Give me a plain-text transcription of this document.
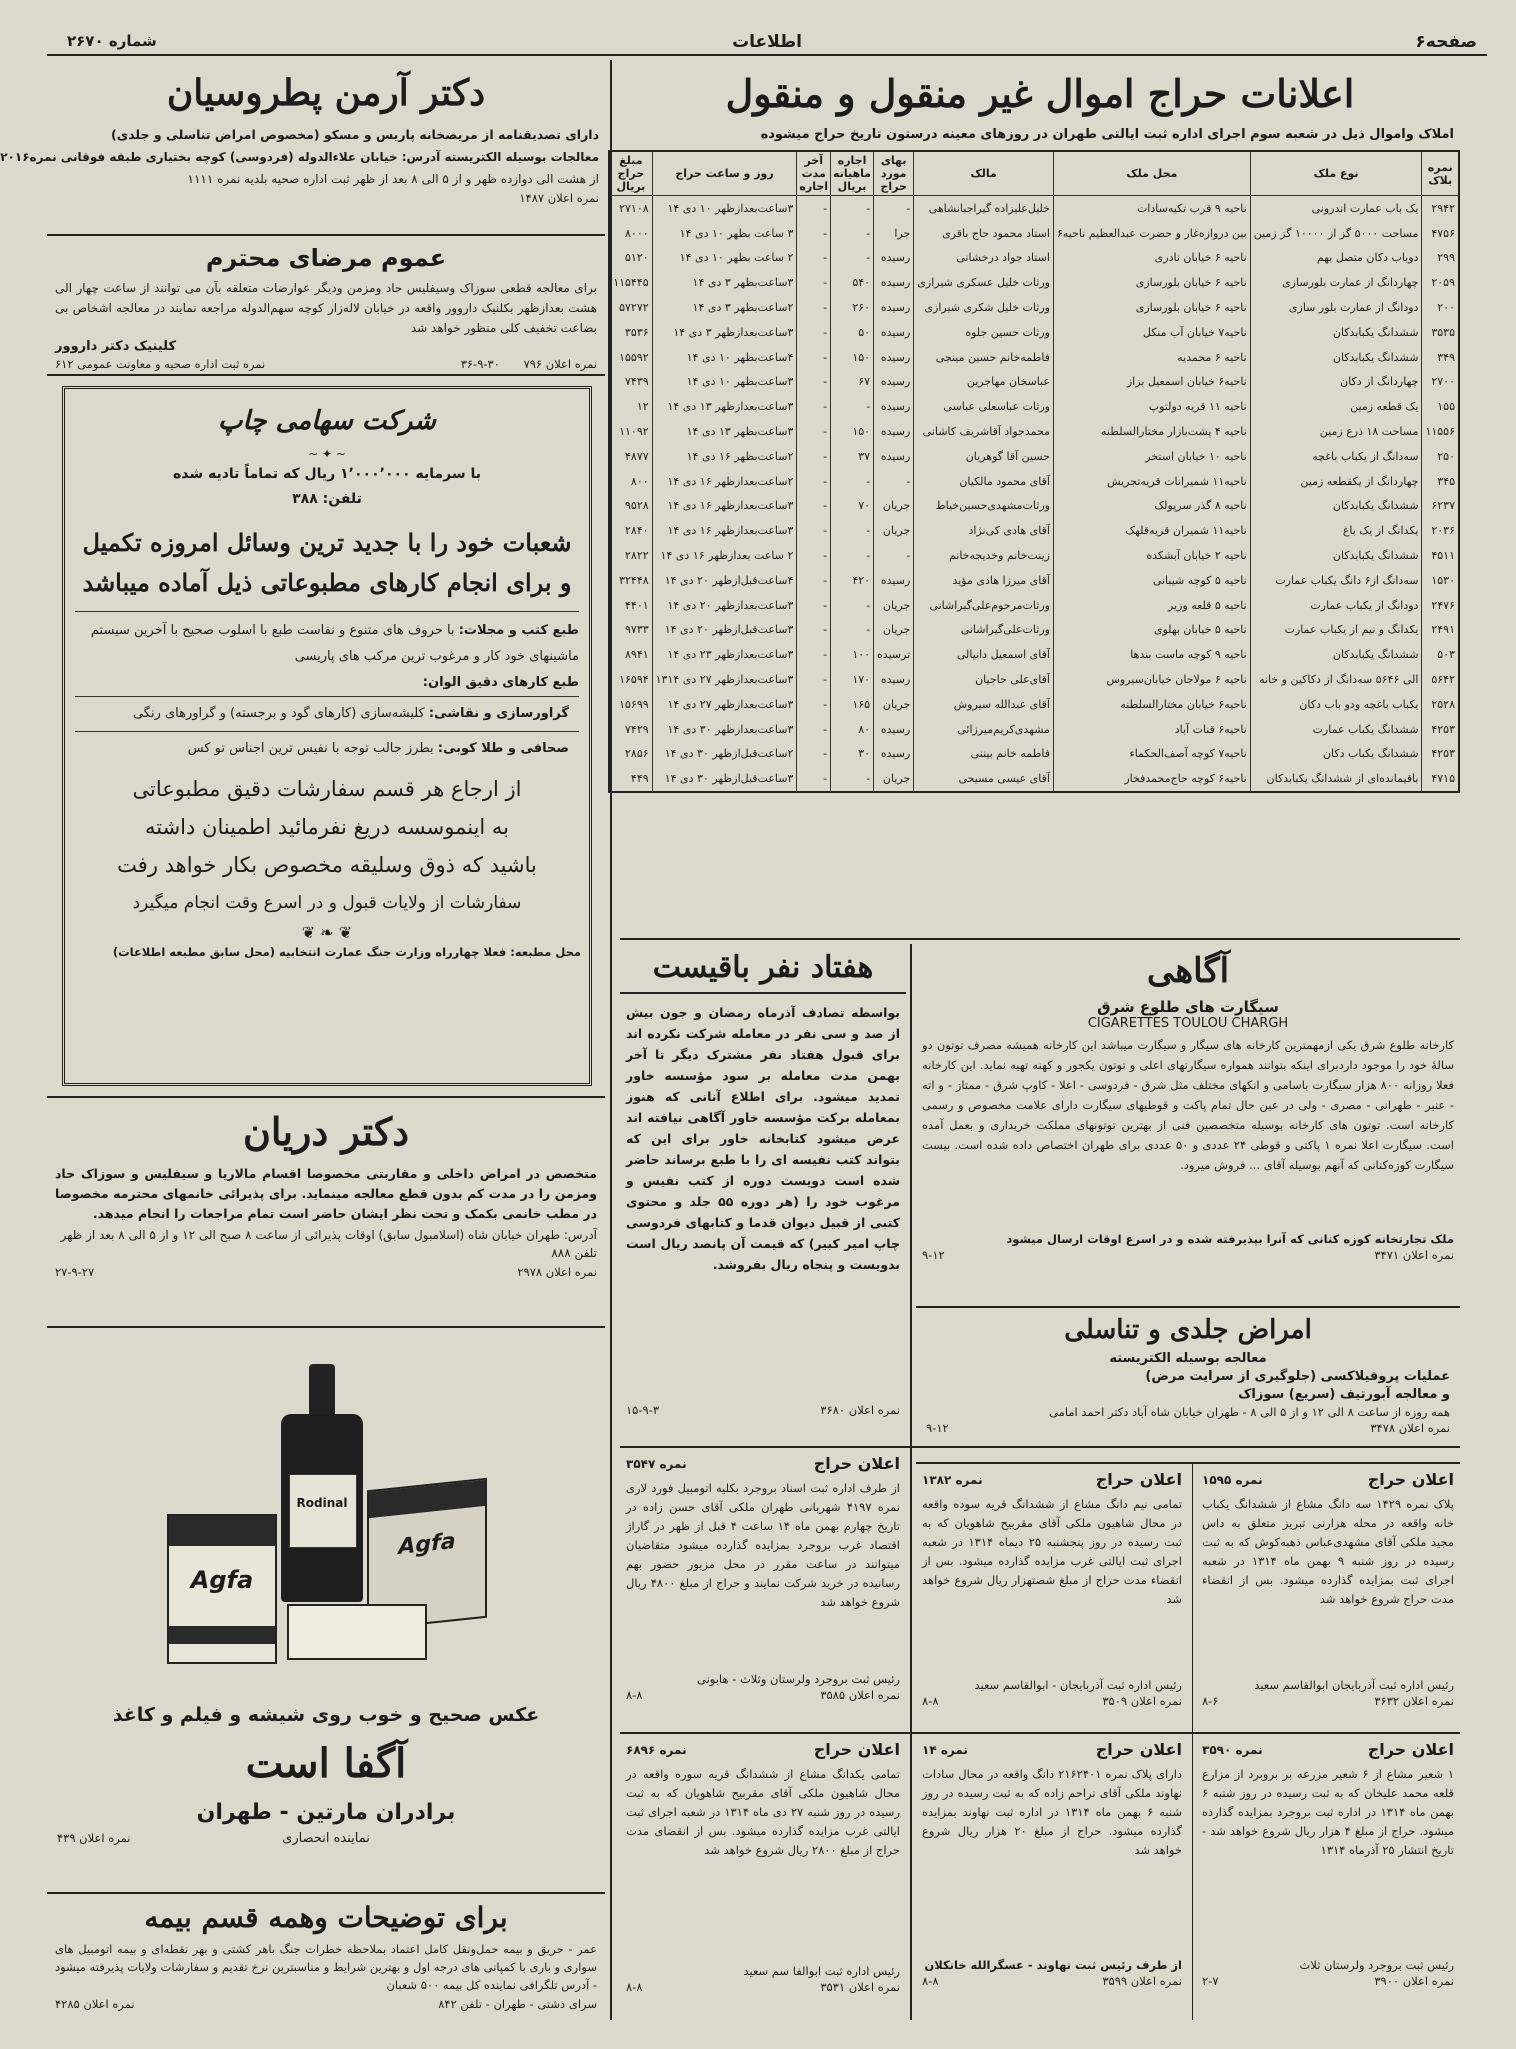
صفحه۶
اطلاعات
شماره ۲۶۷۰
اعلانات حراج اموال غیر منقول و منقول
املاک واموال ذیل در شعبه سوم اجرای اداره ثبت ایالتی طهران در روزهای معینه درستون تاریخ حراج میشوده
نمره بلاک	نوع ملک	محل ملک	مالک	بهای مورد حراج	اجاره ماهیانه بریال	آخر مدت اجاره	روز و ساعت حراج	مبلغ حراج بریال
۲۹۴۲	یک باب عمارت اندرونی	ناحیه ۹ قرب تکیه‌سادات	خلیل‌علیزاده گیراجبانشاهی	-	-	-	۳ساعت‌بعدازظهر ۱۰ دی ۱۴	۲۷۱۰۸
۴۷۵۶	مساحت ۵۰۰۰ گز از ۱۰۰۰۰ گز زمین	بین دروازه‌غار و حضرت عبدالعظیم ناحیه۶	استاد محمود حاج باقری	جرا	-	-	۳ ساعت بظهر ۱۰ دی ۱۴	۸۰۰۰
۲۹۹	دوباب دکان متصل بهم	ناحیه ۶ خیابان نادری	استاد جواد درخشانی	رسیده	-	-	۲ ساعت بظهر ۱۰ دی ۱۴	۵۱۲۰
۲۰۵۹	چهاردانگ از عمارت بلورسازی	ناحیه ۶ خیابان بلورسازی	ورثات خلیل عسکری شیرازی	رسیده	۵۴۰	-	۳ساعت‌بظهر ۳ دی ۱۴	۱۱۵۴۴۵
۲۰۰	دودانگ از عمارت بلور سازی	ناحیه ۶ خیابان بلورسازی	ورثات خلیل شکری شیرازی	رسیده	۲۶۰	-	۲ساعت‌بظهر ۳ دی ۱۴	۵۷۲۷۲
۳۵۳۵	ششدانگ یکبابدکان	ناحیه۷ خیابان آب منکل	ورثات حسین جلوه	رسیده	۵۰	-	۳ساعت‌بعدازظهر ۳ دی ۱۴	۳۵۳۶
۳۴۹	ششدانگ یکبابدکان	ناحیه ۶ محمدیه	فاطمه‌خانم حسین مینجی	رسیده	۱۵۰	-	۴ساعت‌بظهر ۱۰ دی ۱۴	۱۵۵۹۲
۲۷۰۰	چهاردانگ از دکان	ناحیه۶ خیابان اسمعیل بزاز	عباسخان مهاجرین	رسیده	۶۷	-	۳ساعت‌بظهر ۱۰ دی ۱۴	۷۴۳۹
۱۵۵	یک قطعه زمین	ناحیه ۱۱ قریه دولتوپ	ورثات عباسعلی عباسی	رسیده	-	-	۳ساعت‌بعدازظهر ۱۳ دی ۱۴	۱۲
۱۱۵۵۶	مساحت ۱۸ ذرع زمین	ناحیه ۴ پشت‌بازار مختارالسلطنه	محمدجواد آقاشریف کاشانی	رسیده	۱۵۰	-	۳ساعت‌بظهر ۱۳ دی ۱۴	۱۱۰۹۲
۲۵۰	سه‌دانگ از یکباب باغچه	ناحیه ۱۰ خیابان استخر	حسین آقا گوهریان	رسیده	۳۷	-	۲ساعت‌بظهر ۱۶ دی ۱۴	۴۸۷۷
۳۴۵	چهاردانگ از یکقطعه زمین	ناحیه۱۱ شمیرانات قریه‌تجریش	آقای محمود مالکیان	-	-	-	۲ساعت‌بعدازظهر ۱۶ دی ۱۴	۸۰۰
۶۲۳۷	ششدانگ یکبابدکان	ناحیه ۸ گذر سرپولک	ورثات‌مشهدی‌حسین‌خیاط	جریان	۷۰	-	۳ساعت‌بعدازظهر ۱۶ دی ۱۴	۹۵۲۸
۲۰۳۶	یکدانگ از یک باغ	ناحیه۱۱ شمیران قریه‌قلهک	آقای هادی کی‌نژاد	جریان	-	-	۳ساعت‌بعدازظهر ۱۶ دی ۱۴	۲۸۴۰
۴۵۱۱	ششدانگ یکبابدکان	ناحیه ۲ خیابان آبشکده	زینت‌خانم وخدیجه‌خانم	-	-	-	۲ ساعت بعدازظهر ۱۶ دی ۱۴	۲۸۲۲
۱۵۳۰	سه‌دانگ از۶ دانگ یکباب عمارت	ناحیه ۵ کوچه شیبانی	آقای میرزا هادی مؤید	رسیده	۴۲۰	-	۴ساعت‌قبل‌ازظهر ۲۰ دی ۱۴	۳۲۴۴۸
۲۴۷۶	دودانگ از یکباب عمارت	ناحیه ۵ قلعه وزیر	ورثات‌مرحوم‌علی‌گیراشانی	جریان	-	-	۳ساعت‌بعدازظهر ۲۰ دی ۱۴	۴۴۰۱
۲۴۹۱	یکدانگ و نیم از یکباب عمارت	ناحیه ۵ خیابان بهلوی	ورثات‌علی‌گیراشانی	جریان	-	-	۳ساعت‌قبل‌ازظهر ۲۰ دی ۱۴	۹۷۳۳
۵۰۳	ششدانگ یکبابدکان	ناحیه ۹ کوچه ماست بندها	آقای اسمعیل دانیالی	ترسیده	۱۰۰	-	۳ساعت‌بعدازظهر ۲۳ دی ۱۴	۸۹۴۱
۵۶۴۲	الی ۵۶۴۶ سه‌دانگ از دکاکین و خانه	ناحیه ۶ مولاجان خیابان‌سیروس	آقای‌علی حاجیان	رسیده	۱۷۰	-	۳ساعت‌بعدازظهر ۲۷ دی ۱۳۱۴	۱۶۵۹۴
۲۵۲۸	یکباب باغچه ودو باب دکان	ناحیه۶ خیابان مختارالسلطنه	آقای عبدالله سیروش	جریان	۱۶۵	-	۳ساعت‌بعدازظهر ۲۷ دی ۱۴	۱۵۶۹۹
۴۲۵۳	ششدانگ یکباب عمارت	ناحیه۶ قنات آباد	مشهدی‌کریم‌میرزائی	رسیده	۸۰	-	۳ساعت‌بعدازظهر ۳۰ دی ۱۴	۷۴۲۹
۴۲۵۳	ششدانگ یکباب دکان	ناحیه۷ کوچه آصف‌الحکماء	فاطمه خانم بیننی	رسیده	۳۰	-	۲ساعت‌قبل‌ازظهر ۳۰ دی ۱۴	۲۸۵۶
۴۷۱۵	باقیمانده‌ای از ششدانگ یکبابدکان	ناحیه۶ کوچه حاج‌محمدفخار	آقای عیسی مسیحی	جریان	-	-	۳ساعت‌قبل‌ازظهر ۳۰ دی ۱۴	۴۴۹
هفتاد نفر باقیست
بواسطه تصادف آذرماه رمضان و جون بیش از صد و سی نفر در معامله شرکت نکرده اند برای قبول هفتاد نفر مشترک دیگر تا آخر بهمن مدت معامله بر سود مؤسسه خاور تمدید میشود. برای اطلاع آنانی که هنوز بمعامله برکت مؤسسه خاور آگاهی نیافته اند عرض میشود کتابخانه خاور برای این که بتواند کتب نفیسه ای را با طبع برساند حاضر شده است دویست دوره از کتب نفیس و مرغوب خود را (هر دوره ۵۵ جلد و محتوی کتبی از قبیل دیوان قدما و کتابهای فردوسی چاپ امیر کبیر) که قیمت آن پانصد ریال است بدویست و پنجاه ریال بفروشد.
نمره اعلان ۳۶۸۰
۱۵-۹-۳
آگاهی
سیگارت های طلوع شرق
CIGARETTES TOULOU CHARGH
کارخانه طلوع شرق یکی ازمهمترین کارخانه های سیگار و سیگارت میباشد این کارخانه همیشه مصرف توتون دو سالهٔ خود را موجود داردبرای اینکه بتوانند همواره سیگارتهای اعلی و توتون یکجور و کهنه تهیه نماید. این کارخانه فعلا روزانه ۸۰۰ هزار سیگارت باسامی و انکهای مختلف مثل شرق - فردوسی - اعلا - کاوپ شرق - ممتاز - و اته - عنبر - طهرانی - مصری - ولی در عین حال تمام پاکت و قوطیهای سیگارت دارای علامت مخصوص و رسمی کارخانه است. توتون های کارخانه بوسیله متخصصین فنی از بهترین توتونهای مملکت خریداری و بعمل آمده است. سیگارت اعلا نمره ۱ پاکتی و قوطی ۲۴ عددی و ۵۰ عددی برای طهران اختصاص داده شده است. بیست سیگارت کوزه‌کنانی که آنهم بوسیله آقای ... فروش میرود.
ملک تجارتخانه کوزه کنانی که آنرا بپذیرفته شده و در اسرع اوقات ارسال میشود
نمره اعلان ۳۴۷۱
۹-۱۲
امراض جلدی و تناسلی
معالجه بوسیله الکتریسته
عملیات پروفیلاکسی (جلوگیری از سرایت مرض)
و معالجه آبورتیف (سریع) سوزاک
همه روزه از ساعت ۸ الی ۱۲ و از ۵ الی ۸ - طهران خیابان شاه آباد دکتر احمد امامی
نمره اعلان ۳۴۷۸
۹-۱۲
اعلان حراج
نمره ۳۵۴۷
از طرف اداره ثبت اسناد بروجرد بکلیه اتومبیل فورد لاری نمره ۴۱۹۷ شهربانی طهران ملکی آقای حسن زاده در تاریخ چهارم بهمن ماه ۱۴ ساعت ۴ قبل از ظهر در گاراژ اقتصاد غرب بروجرد بمزایده گذارده میشود متقاضیان میتوانند در ساعت مقرر در محل مزبور حضور بهم رسانیده در خرید شرکت نمایند و حراج از مبلغ ۴۸۰۰ ریال شروع خواهد شد
رئیس ثبت بروجرد ولرستان وثلاث - هابونی
نمره اعلان ۳۵۸۵
۸-۸
اعلان حراج
نمره ۱۳۸۲
تمامی نیم دانگ مشاع از ششدانگ قریه سوده واقعه در محال شاهیون ملکی آقای مقربیح شاهویان که به ثبت رسیده در روز پنجشنبه ۲۵ دیماه ۱۳۱۴ در شعبه اجرای ثبت ایالتی غرب مزایده گذارده میشود. بس از انقضاء مدت حراج از مبلغ شصتهزار ریال شروع خواهد شد
رئیس اداره ثبت آذربایجان - ابوالقاسم سعید
نمره اعلان ۳۵۰۹
۸-۸
اعلان حراج
نمره ۱۵۹۵
پلاک نمره ۱۴۲۹ سه دانگ مشاع از ششدانگ یکباب خانه واقعه در محله هزارنی تبریز متعلق به داس مجید ملکی آقای مشهدی‌عباس ذهبه‌کوش که به ثبت رسیده در روز شنبه ۹ بهمن ماه ۱۳۱۴ در شعبه اجرای ثبت بمزایده گذارده میشود. بس از انقضاء مدت حراج شروع خواهد شد
رئیس اداره ثبت آذربایجان ابوالقاسم سعید
نمره اعلان ۳۶۳۲
۸-۶
اعلان حراج
نمره ۶۸۹۶
تمامی یکدانگ مشاع از ششدانگ قریه سوره واقعه در محال شاهیون ملکی آقای مقربیح شاهویان که به ثبت رسیده در روز شنبه ۲۷ دی ماه ۱۳۱۴ در شعبه اجرای ثبت ایالتی غرب مزایده گذارده میشود. بس از انقضای مدت حراج از مبلغ ۲۸۰۰ ریال شروع خواهد شد
رئیس اداره ثبت ابوالفا سم سعید
نمره اعلان ۳۵۳۱
۸-۸
اعلان حراج
نمره ۱۴
دارای پلاک نمره ۲۱۶۲۴۰۱ دانگ واقعه در محال سادات نهاوند ملکی آقای نراحم زاده که به ثبت رسیده در روز شنبه ۶ بهمن ماه ۱۳۱۴ در اداره ثبت نهاوند بمزایده گذارده میشود. حراج از مبلغ ۲۰ هزار ریال شروع خواهد شد
از طرف رئیس ثبت نهاوند - عسگرالله خانکلان
نمره اعلان ۳۵۹۹
۸-۸
اعلان حراج
نمره ۳۵۹۰
۱ شعیر مشاع از ۶ شعیر مزرعه بر بروبرد از مزارع قلعه محمد علیخان که به ثبت رسیده در روز شنبه ۶ بهمن ماه ۱۳۱۴ در اداره ثبت بروجرد بمزایده گذارده میشود. حراج از مبلغ ۴ هزار ریال شروع خواهد شد - تاریخ انتشار ۲۵ آذرماه ۱۳۱۴
رئیس ثبت بروجرد ولرستان ثلاث
نمره اعلان ۳۹۰۰
۲-۷
دکتر آرمن پطروسیان
دارای تصدیقنامه از مریضخانه پاریس و مسکو (مخصوص امراض تناسلی و جلدی)
معالجات بوسیله الکتریسته آدرس: خیابان علاءالدوله (فردوسی) کوچه بختیاری طبقه فوقانی نمره۲۰۱۶
از هشت الی دوازده ظهر و از ۵ الی ۸ بعد از ظهر ثبت اداره صحیه بلدیه نمره ۱۱۱۱
نمره اعلان ۱۴۸۷
عموم مرضای محترم
برای معالجه قطعی سوزاک وسیفلیس حاد ومزمن ودیگر عوارضات متعلقه بآن می توانند از ساعت چهار الی هشت بعدازظهر بکلنیک داروور واقعه در خیابان لاله‌زار کوچه سهم‌الدوله مراجعه نمایند در معالجه اشخاص بی بضاعت تخفیف کلی منظور خواهد شد
کلینیک دکتر داروور
نمره اعلان ۷۹۶ ۳۰-۹-۳۶
نمره ثبت اداره صحیه و معاونت عمومی ۶۱۲
شرکت سهامی چاپ
~ ✦ ~
با سرمایه ۱٬۰۰۰٬۰۰۰ ریال که تماماً تادیه شده
تلفن: ۳۸۸
شعبات خود را با جدید ترین وسائل امروزه تکمیل و برای انجام کارهای مطبوعاتی ذیل آماده میباشد
طبع کتب و مجلات: با حروف های متنوع و نفاست طبع با اسلوب صحیح با آخرین سیستم ماشینهای خود کار و مرغوب ترین مرکب های پاریسی
طبع کارهای دقیق الوان:
گراورسازی و نقاشی: کلیشه‌سازی (کارهای گود و برجسته) و گراورهای رنگی
صحافی و طلا کوبی: بطرز جالب توجه با نفیس ترین اجناس تو کس
از ارجاع هر قسم سفارشات دقیق مطبوعاتی
به اینموسسه دریغ نفرمائید اطمینان داشته
باشید که ذوق وسلیقه مخصوص بکار خواهد رفت
سفارشات از ولایات قبول و در اسرع وقت انجام میگیرد
❦ ❧ ❦
محل مطبعه: فعلا چهارراه وزارت جنگ عمارت انتخابیه (محل سابق مطبعه اطلاعات)
دکتر دریان
متخصص در امراض داخلی و مقاربتی مخصوصا اقسام مالاریا و سیفلیس و سوزاک حاد ومزمن را در مدت کم بدون قطع معالجه مینماید. برای پذیرائی خانمهای محترمه مخصوصا در مطب خانمی بکمک و تحت نظر ایشان حاضر است تمام مراجعات را انجام میدهد.
آدرس: طهران خیابان شاه (اسلامبول سابق) اوقات پذیرائی از ساعت ۸ صبح الی ۱۲ و از ۵ الی ۸ بعد از ظهر تلفن ۸۸۸
نمره اعلان ۲۹۷۸
۲۷-۹-۲۷
Rodinal
Agfa
Agfa
عکس صحیح و خوب روی شیشه و فیلم و کاغذ
آگفا است
برادران مارتین - طهران
نماینده انحصاری
نمره اعلان ۴۳۹
برای توضیحات وهمه قسم بیمه
عمر - حریق و بیمه حمل‌ونقل کامل اعتماد بملاحظه خطرات جنگ باهر کشتی و بهر نقطه‌ای و بیمه اتومبیل های سواری و باری با کمپانی های درجه اول و بهترین شرایط و مناسبترین نرخ تقدیم و سفارشات ولایات پذیرفته میشود - آدرس تلگرافی نماینده کل بیمه ۵۰۰ شعبان
سرای دشتی - طهران - تلفن ۸۴۲
نمره اعلان ۴۲۸۵
